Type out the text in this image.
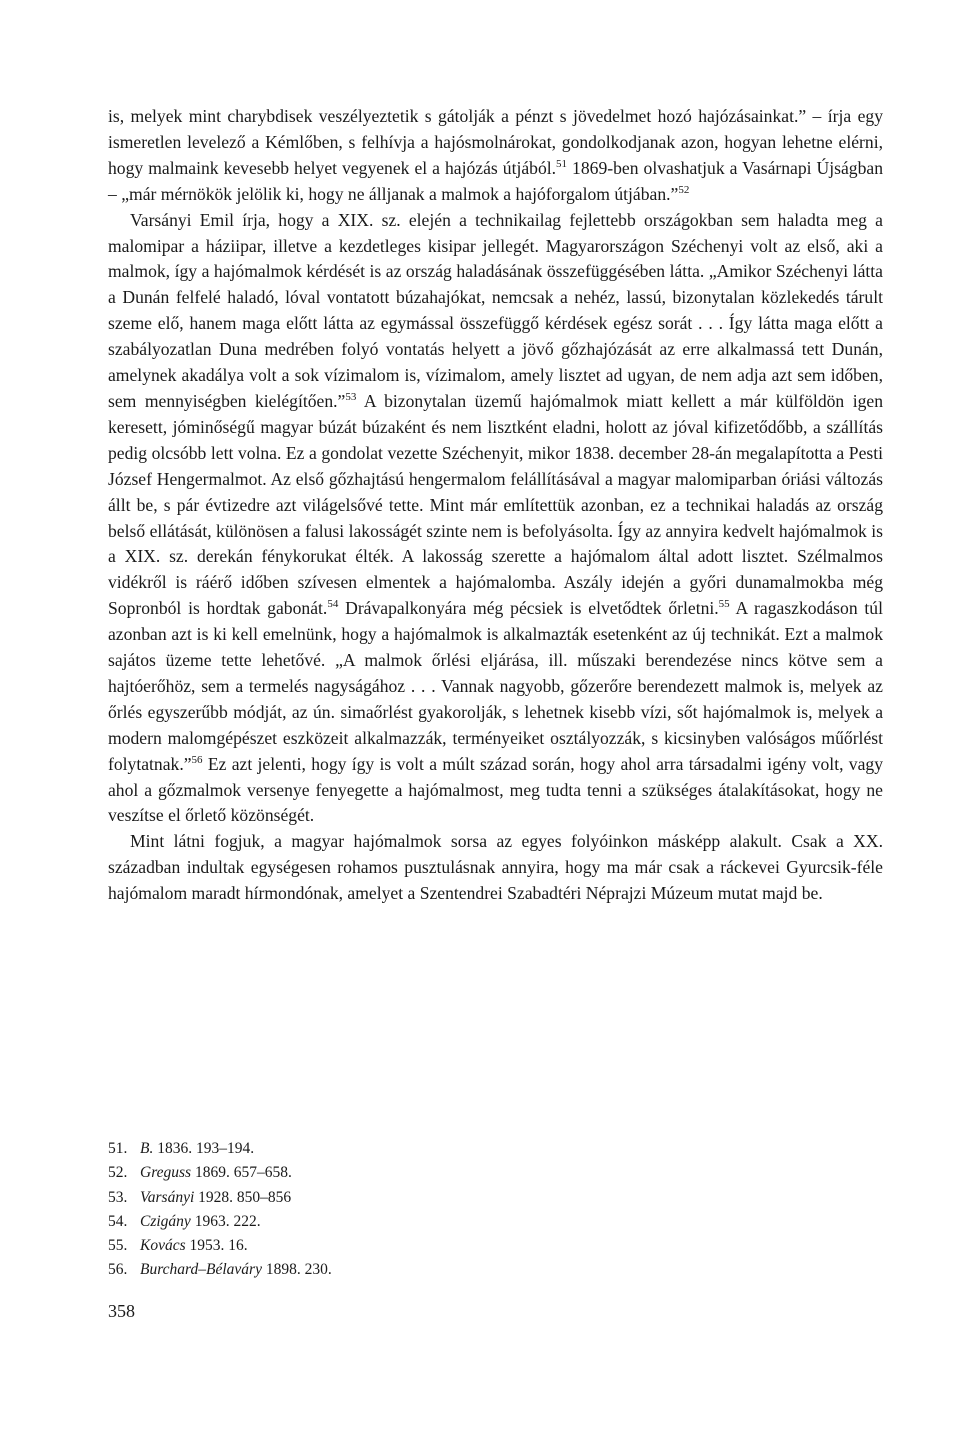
is, melyek mint charybdisek veszélyeztetik s gátolják a pénzt s jövedelmet hozó hajózásainkat.” – írja egy ismeretlen levelező a Kémlőben, s felhívja a hajósmolnárokat, gondolkodjanak azon, hogyan lehetne elérni, hogy malmaink kevesebb helyet vegyenek el a hajózás útjából.$^{51}$ 1869-ben olvashatjuk a Vasárnapi Újságban – „már mérnökök jelölik ki, hogy ne álljanak a malmok a hajóforgalom útjában.”$^{52}$

Varsányi Emil írja, hogy a XIX. sz. elején a technikailag fejlettebb országokban sem haladta meg a malomipar a háziipar, illetve a kezdetleges kisipar jellegét. Magyarországon Széchenyi volt az első, aki a malmok, így a hajómalmok kérdését is az ország haladásának összefüggésében látta. „Amikor Széchenyi látta a Dunán felfelé haladó, lóval vontatott búzahajókat, nemcsak a nehéz, lassú, bizonytalan közlekedés tárult szeme elő, hanem maga előtt látta az egymással összefüggő kérdések egész sorát . . . Így látta maga előtt a szabályozatlan Duna medrében folyó vontatás helyett a jövő gőzhajózását az erre alkalmassá tett Dunán, amelynek akadálya volt a sok vízimalom is, vízimalom, amely lisztet ad ugyan, de nem adja azt sem időben, sem mennyiségben kielégítően.”$^{53}$ A bizonytalan üzemű hajómalmok miatt kellett a már külföldön igen keresett, jóminőségű magyar búzát búzaként és nem lisztként eladni, holott az jóval kifizetődőbb, a szállítás pedig olcsóbb lett volna. Ez a gondolat vezette Széchenyit, mikor 1838. december 28-án megalapította a Pesti József Hengermalmot. Az első gőzhajtású hengermalom felállításával a magyar malomiparban óriási változás állt be, s pár évtizedre azt világelsővé tette. Mint már említettük azonban, ez a technikai haladás az ország belső ellátását, különösen a falusi lakosságét szinte nem is befolyásolta. Így az annyira kedvelt hajómalmok is a XIX. sz. derekán fénykorukat élték. A lakosság szerette a hajómalom által adott lisztet. Szélmalmos vidékről is ráérő időben szívesen elmentek a hajómalomba. Aszály idején a győri dunamalmokba még Sopronból is hordtak gabonát.$^{54}$ Drávapalkonyára még pécsiek is elvetődtek őrletni.$^{55}$ A ragaszkodáson túl azonban azt is ki kell emelnünk, hogy a hajómalmok is alkalmazták esetenként az új technikát. Ezt a malmok sajátos üzeme tette lehetővé. „A malmok őrlési eljárása, ill. műszaki berendezése nincs kötve sem a hajtóerőhöz, sem a termelés nagyságához . . . Vannak nagyobb, gőzerőre berendezett malmok is, melyek az őrlés egyszerűbb módját, az ún. simaőrlést gyakorolják, s lehetnek kisebb vízi, sőt hajómalmok is, melyek a modern malomgépészet eszközeit alkalmazzák, terményeiket osztályozzák, s kicsinyben valóságos műőrlést folytatnak.”$^{56}$ Ez azt jelenti, hogy így is volt a múlt század során, hogy ahol arra társadalmi igény volt, vagy ahol a gőzmalmok versenye fenyegette a hajómalmost, meg tudta tenni a szükséges átalakításokat, hogy ne veszítse el őrlető közönségét.

Mint látni fogjuk, a magyar hajómalmok sorsa az egyes folyóinkon másképp alakult. Csak a XX. században indultak egységesen rohamos pusztulásnak annyira, hogy ma már csak a ráckevei Gyurcsik-féle hajómalom maradt hírmondónak, amelyet a Szentendrei Szabadtéri Néprajzi Múzeum mutat majd be.

51. B. 1836. 193–194.
52. Greguss 1869. 657–658.
53. Varsányi 1928. 850–856
54. Czigány 1963. 222.
55. Kovács 1953. 16.
56. Burchard–Bélaváry 1898. 230.
358
